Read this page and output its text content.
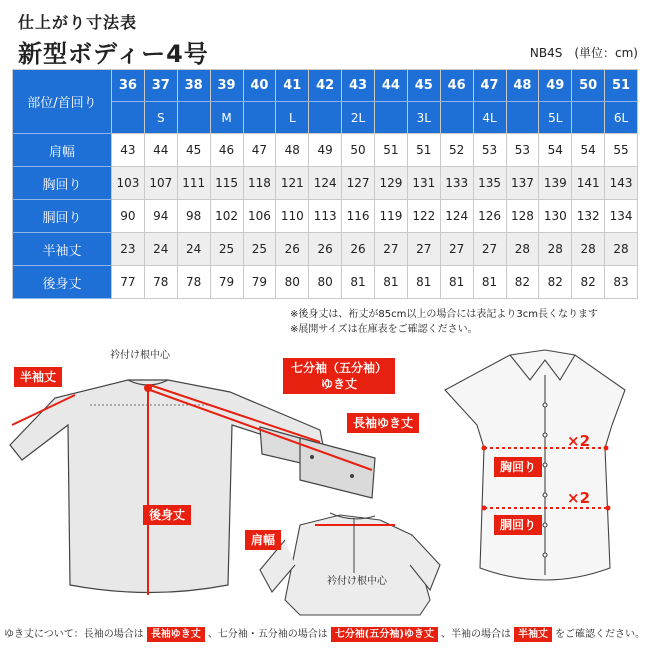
仕上がり寸法表
新型ボディー4号	NB4S　(単位：cm)
部位/首回り	36	37	38	39	40	41	42	43	44	45	46	47	48	49	50	51
		S		M		L		2L		3L		4L		5L		6L
肩幅	43	44	45	46	47	48	49	50	51	51	52	53	53	54	54	55
胸回り	103	107	111	115	118	121	124	127	129	131	133	135	137	139	141	143
胴回り	90	94	98	102	106	110	113	116	119	122	124	126	128	130	132	134
半袖丈	23	24	24	25	25	26	26	26	27	27	27	27	28	28	28	28
後身丈	77	78	78	79	79	80	80	81	81	81	81	81	82	82	82	83
※後身丈は、裄丈が85cm以上の場合には表記より3cm長くなります
※展開サイズは在庫表をご確認ください。
衿付け根中心
衿付け根中心
半袖丈
七分袖（五分袖）
ゆき丈
長袖ゆき丈
後身丈
肩幅
胸回り
胴回り
×2
×2
ゆき丈について：長袖の場合は 長袖ゆき丈 、七分袖・五分袖の場合は 七分袖(五分袖)ゆき丈 、半袖の場合は 半袖丈 をご確認ください。
